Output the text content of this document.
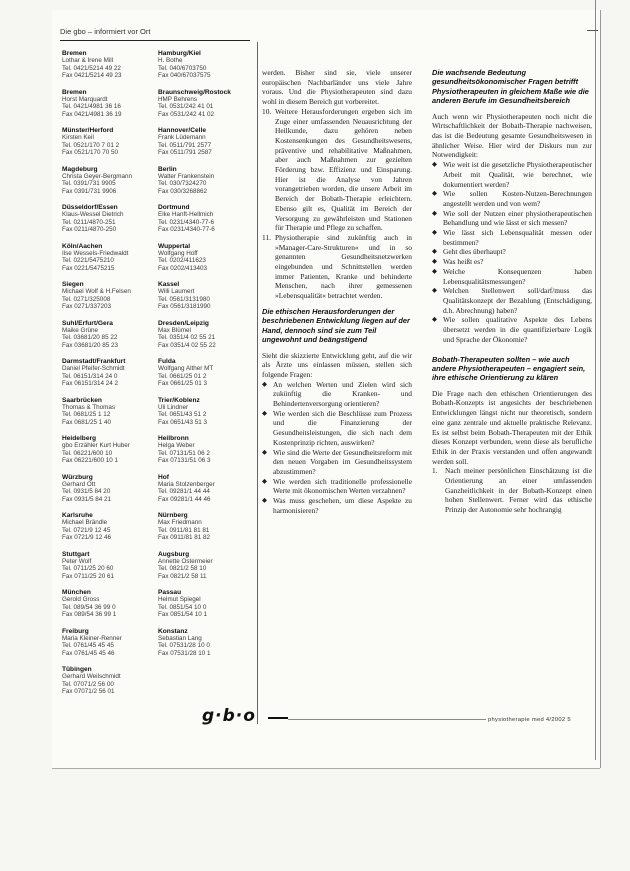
Die gbo – informiert vor Ort
Bremen
Lothar & Irene Mill
Tel. 0421/5214 49 22
Fax 0421/5214 49 23
Hamburg/Kiel
H. Bothe
Tel. 040/6703750
Fax 040/67037575
Bremen
Horst Marquardt
Tel. 0421/4981 36 16
Fax 0421/4981 36 19
Braunschweig/Rostock
HMP Behrens
Tel. 0531/242 41 01
Fax 0531/242 41 02
Münster/Herford
Kirsten Keil
Tel. 0521/170 7 01 2
Fax 0521/170 70 50
Hannover/Celle
Frank Lüdemann
Tel. 0511/791 2577
Fax 0511/791 2587
Magdeburg
Christa Geyer-Bergmann
Tel. 0391/731 9905
Fax 0391/731 9906
Berlin
Walter Frankenstein
Tel. 030/7324270
Fax 030/3268862
Düsseldorf/Essen
Klaus-Wessel Dietrich
Tel. 0211/4870-251
Fax 0211/4870-250
Dortmund
Elke Hanft-Hellmich
Tel. 0231/4340-77-6
Fax 0231/4340-77-6
Köln/Aachen
Ilse Wessels-Friedwaldt
Tel. 0221/5475210
Fax 0221/5475215
Wuppertal
Wolfgang Hoff
Tel. 0202/411623
Fax 0202/413403
Siegen
Michael Wolf & H.Felsen
Tel. 0271/325008
Fax 0271/337203
Kassel
Willi Laumert
Tel. 0561/3131980
Fax 0561/3181990
Suhl/Erfurt/Gera
Maike Grüne
Tel. 03681/20 85 22
Fax 03681/20 85 23
Dresden/Leipzig
Max Blümel
Tel. 0351/4 02 55 21
Fax 0351/4 02 55 22
Darmstadt/Frankfurt
Daniel Pfeifer-Schmidt
Tel. 06151/314 24 0
Fax 06151/314 24 2
Fulda
Wolfgang Alther MT
Tel. 0661/25 01 2
Fax 0661/25 01 3
Saarbrücken
Thomas & Thomas
Tel. 0681/25 1 12
Fax 0681/25 1 40
Trier/Koblenz
Uli Lindner
Tel. 0651/43 51 2
Fax 0651/43 51 3
Heidelberg
gbo Erzähler Kurt Huber
Tel. 06221/600 10
Fax 06221/600 10 1
Heilbronn
Helga Weber
Tel. 07131/51 06 2
Fax 07131/51 06 3
Würzburg
Gerhard Ott
Tel. 0931/5 84 20
Fax 0931/5 84 21
Hof
Maria Stolzenberger
Tel. 09281/1 44 44
Fax 09281/1 44 46
Karlsruhe
Michael Brändle
Tel. 0721/9 12 45
Fax 0721/9 12 46
Nürnberg
Max Friedmann
Tel. 0911/81 81 81
Fax 0911/81 81 82
Stuttgart
Peter Wolf
Tel. 0711/25 20 60
Fax 0711/25 20 61
Augsburg
Annette Ostermeier
Tel. 0821/2 58 10
Fax 0821/2 58 11
München
Gerold Gross
Tel. 089/54 36 99 0
Fax 089/54 36 99 1
Passau
Helmut Spiegel
Tel. 0851/54 10 0
Fax 0851/54 10 1
Freiburg
Maria Kleiner-Renner
Tel. 0761/45 45 45
Fax 0761/45 45 46
Konstanz
Sebastian Lang
Tel. 07531/28 10 0
Fax 07531/28 10 1
Tübingen
Gerhard Weilschmidt
Tel. 07071/2 56 00
Fax 07071/2 56 01

werden. Bisher sind sie, viele unserer europäischen Nachbarländer uns viele Jahre voraus. Und die Physiotherapeuten sind dazu wohl in diesem Bereich gut vorbereitet.

10. Weitere Herausforderungen ergeben sich im Zuge einer umfassenden Neuausrichtung der Heilkunde, dazu gehören neben Kostensenkungen des Gesundheitswesens, präventive und rehabilitative Maßnahmen, aber auch Maßnahmen zur gezielten Förderung bzw. Effizienz und Einsparung. Hier ist die Analyse von Jahren vorangetrieben worden, die unsere Arbeit im Bereich der Bobath-Therapie erleichtern. Ebenso gilt es, Qualität im Bereich der Versorgung zu gewährleisten und Stationen für Therapie und Pflege zu schaffen.

11. Physiotherapie sind zukünftig auch in »Manager-Care-Strukturen« und in so genannten Gesundheitsnetzwerken eingebunden und Schnittstellen werden immer Patienten, Kranke und behinderte Menschen, nach ihrer gemessenen »Lebensqualität« betrachtet werden.

Die ethischen Herausforderungen der beschriebenen Entwicklung liegen auf der Hand, dennoch sind sie zum Teil ungewohnt und beängstigend

Sieht die skizzierte Entwicklung geht, auf die wir als Ärzte uns einlassen müssen, stellen sich folgende Fragen:

◆ An welchen Werten und Zielen wird sich zukünftig die Kranken- und Behindertenversorgung orientieren?
◆ Wie werden sich die Beschlüsse zum Prozess und die Finanzierung der Gesundheitsleistungen, die sich nach dem Kostenprinzip richten, auswirken?
◆ Wie sind die Werte der Gesundheitsreform mit den neuen Vorgaben im Gesundheitssystem abzustimmen?
◆ Wie werden sich traditionelle professionelle Werte mit ökonomischen Werten verzahnen?
◆ Was muss geschehen, um diese Aspekte zu harmonisieren?
Die wachsende Bedeutung gesundheitsökonomischer Fragen betrifft Physiotherapeuten in gleichem Maße wie die anderen Berufe im Gesundheitsbereich

Auch wenn wir Physiotherapeuten noch nicht die Wirtschaftlichkeit der Bobath-Therapie nachweisen, das ist die Bedeutung gesamte Gesundheitswesen in ähnlicher Weise. Hier wird der Diskurs nun zur Notwendigkeit:

◆ Wie weit ist die gesetzliche Physiotherapeutischer Arbeit mit Qualität, wie berechnet, wie dokumentiert werden?
◆ Wie sollen Kosten-Nutzen-Berechnungen angestellt werden und von wem?
◆ Wie soll der Nutzen einer physiotherapeutischen Behandlung und wie lässt er sich messen?
◆ Wie lässt sich Lebensqualität messen oder bestimmen?
◆ Geht dies überhaupt?
◆ Was heißt es?
◆ Welche Konsequenzen haben Lebensqualitätsmessungen?
◆ Welchen Stellenwert soll/darf/muss das Qualitätskonzept der Bezahlung (Entschädigung, d.h. Abrechnung) haben?
◆ Wie sollen qualitative Aspekte des Lebens übersetzt werden in die quantifizierbare Logik und Sprache der Ökonomie?
Bobath-Therapeuten sollten – wie auch andere Physiotherapeuten – engagiert sein, ihre ethische Orientierung zu klären

Die Frage nach den ethischen Orientierungen des Bobath-Konzepts ist angesichts der beschriebenen Entwicklungen längst nicht nur theoretisch, sondern eine ganz zentrale und aktuelle praktische Relevanz. Es ist selbst beim Bobath-Therapeuten mit der Ethik dieses Konzept verbunden, wenn diese als berufliche Ethik in der Praxis verstanden und offen angewandt werden soll.

1. Nach meiner persönlichen Einschätzung ist die Orientierung an einer umfassenden Ganzheitlichkeit in der Bobath-Konzept einen hohen Stellenwert. Ferner wird das ethische Prinzip der Autonomie sehr hochrangig

g·b·o	physiotherapie med 4/2002 5
